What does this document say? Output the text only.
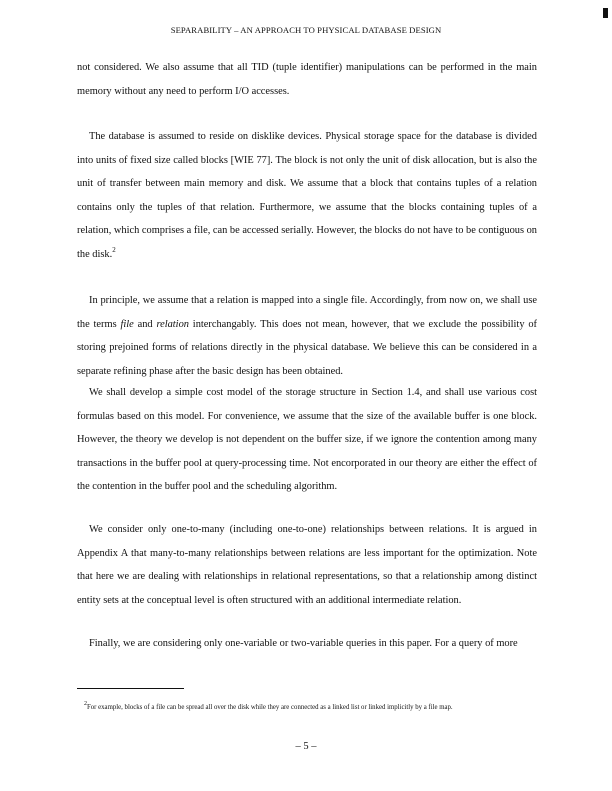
SEPARABILITY – AN APPROACH TO PHYSICAL DATABASE DESIGN

not considered. We also assume that all TID (tuple identifier) manipulations can be performed in the main memory without any need to perform I/O accesses.

The database is assumed to reside on disklike devices. Physical storage space for the database is divided into units of fixed size called blocks [WIE 77]. The block is not only the unit of disk allocation, but is also the unit of transfer between main memory and disk. We assume that a block that contains tuples of a relation contains only the tuples of that relation. Furthermore, we assume that the blocks containing tuples of a relation, which comprises a file, can be accessed serially. However, the blocks do not have to be contiguous on the disk.$^2$

In principle, we assume that a relation is mapped into a single file. Accordingly, from now on, we shall use the terms file and relation interchangably. This does not mean, however, that we exclude the possibility of storing prejoined forms of relations directly in the physical database. We believe this can be considered in a separate refining phase after the basic design has been obtained.

We shall develop a simple cost model of the storage structure in Section 1.4, and shall use various cost formulas based on this model. For convenience, we assume that the size of the available buffer is one block. However, the theory we develop is not dependent on the buffer size, if we ignore the contention among many transactions in the buffer pool at query-processing time. Not encorporated in our theory are either the effect of the contention in the buffer pool and the scheduling algorithm.

We consider only one-to-many (including one-to-one) relationships between relations. It is argued in Appendix A that many-to-many relationships between relations are less important for the optimization. Note that here we are dealing with relationships in relational representations, so that a relationship among distinct entity sets at the conceptual level is often structured with an additional intermediate relation.

Finally, we are considering only one-variable or two-variable queries in this paper. For a query of more

$^2$For example, blocks of a file can be spread all over the disk while they are connected as a linked list or linked implicitly by a file map.
– 5 –
